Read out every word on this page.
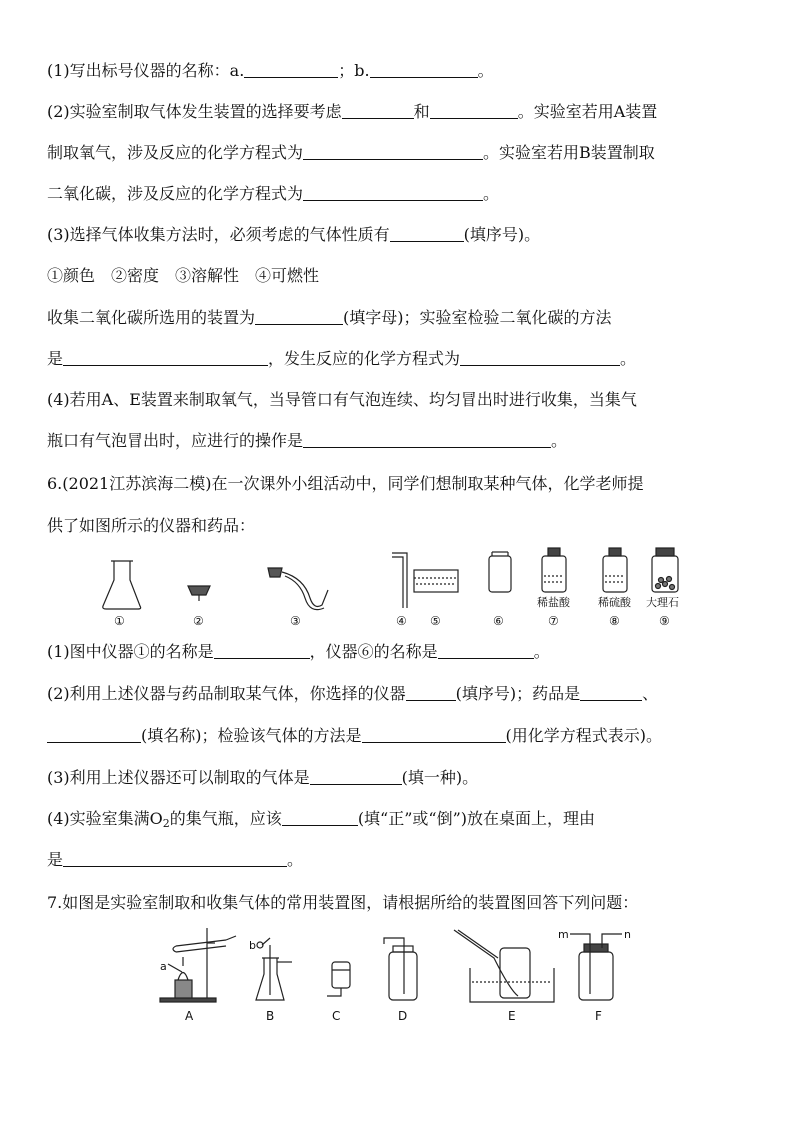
(1)写出标号仪器的名称：a.	；b.	。
(2)实验室制取气体发生装置的选择要考虑	和	。实验室若用A装置
制取氧气，涉及反应的化学方程式为	。实验室若用B装置制取
二氧化碳，涉及反应的化学方程式为	。
(3)选择气体收集方法时，必须考虑的气体性质有	(填序号)。
①颜色　②密度　③溶解性　④可燃性
收集二氧化碳所选用的装置为	(填字母)；实验室检验二氧化碳的方法
是	，发生反应的化学方程式为	。
(4)若用A、E装置来制取氧气，当导管口有气泡连续、均匀冒出时进行收集，当集气
瓶口有气泡冒出时，应进行的操作是	。
6.(2021江苏滨海二模)在一次课外小组活动中，同学们想制取某种气体，化学老师提
供了如图所示的仪器和药品：
稀盐酸	稀硫酸 大理石
①	②	③	④ ⑤	⑥	⑦	⑧	⑨
(1)图中仪器①的名称是	，仪器⑥的名称是	。
(2)利用上述仪器与药品制取某气体，你选择的仪器	(填序号)；药品是	、
(填名称)；检验该气体的方法是	(用化学方程式表示)。
(3)利用上述仪器还可以制取的气体是	(填一种)。
(4)实验室集满$O_2$的集气瓶，应该	(填“正”或“倒”)放在桌面上，理由
是	。
7.如图是实验室制取和收集气体的常用装置图，请根据所给的装置图回答下列问题：
a
b
m	n
A	B	C	D	E	F
